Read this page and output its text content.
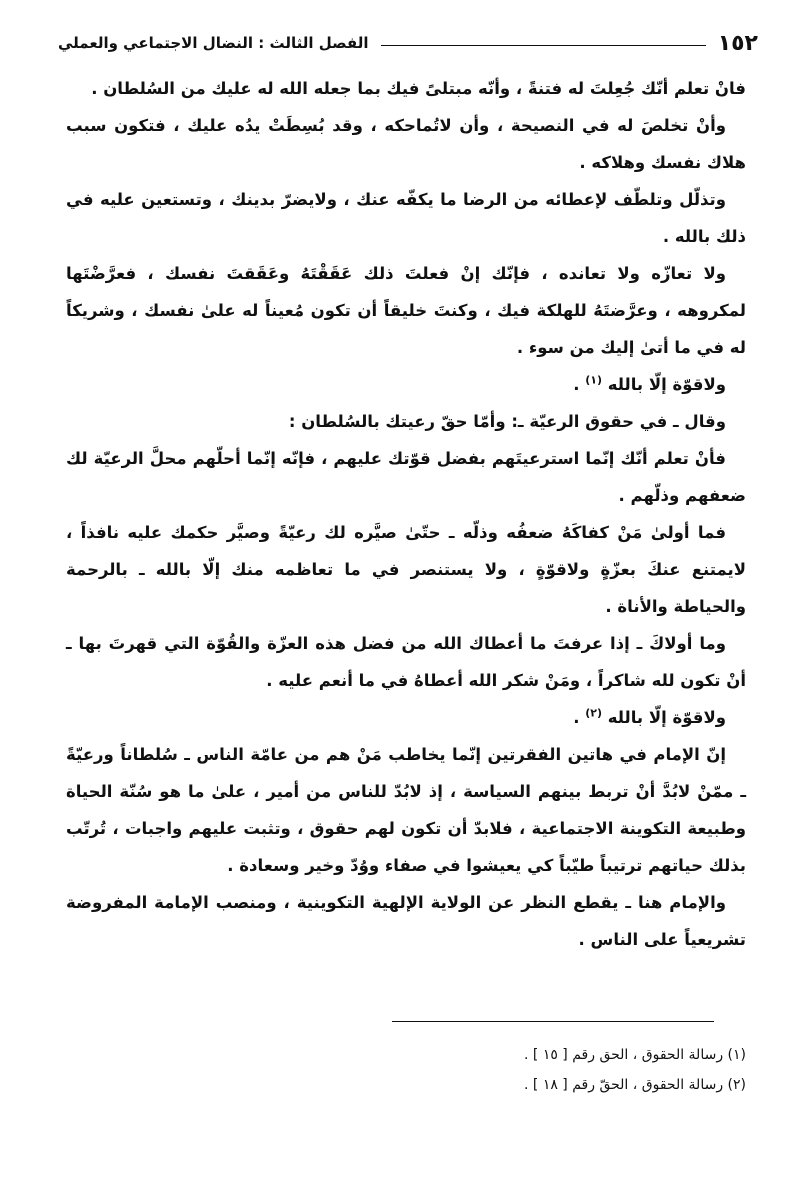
١٥٢
الفصل الثالث : النضال الاجتماعي والعملي

فانْ تعلم أنّك جُعِلتَ له فتنةً ، وأنّه مبتلىً فيك بما جعله الله له عليك من السُلطان .

وأنْ تخلصَ له في النصيحة ، وأن لاتُماحكه ، وقد بُسِطَتْ يدُه عليك ، فتكون سبب هلاك نفسك وهلاكه .

وتذلّل وتلطّف لإعطائه من الرضا ما يكفّه عنك ، ولايضرّ بدينك ، وتستعين عليه في ذلك بالله .

ولا تعازّه ولا تعانده ، فإنّك إنْ فعلتَ ذلك عَقَقْتَهُ وعَقَقتَ نفسك ، فعرَّضْتَها لمكروهه ، وعرَّضتَهُ للهلكة فيك ، وكنتَ خليقاً أن تكون مُعيناً له علىٰ نفسك ، وشريكاً له في ما أتىٰ إليك من سوء .

ولاقوّة إلّا بالله $^{(١)}$ .

وقال ـ في حقوق الرعيّة ـ: وأمّا حقّ رعيتك بالسُلطان :

فأنْ تعلم أنّك إنّما استرعيتَهم بفضل قوّتك عليهم ، فإنّه إنّما أحلّهم محلَّ الرعيّة لك ضعفهم وذلّهم .

فما أولىٰ مَنْ كفاكَهُ ضعفُه وذلّه ـ حتّىٰ صيَّره لك رعيّةً وصيَّر حكمك عليه نافذاً ، لايمتنع عنكَ بعزّةٍ ولاقوّةٍ ، ولا يستنصر في ما تعاظمه منك إلّا بالله ـ بالرحمة والحياطة والأناة .

وما أولاكَ ـ إذا عرفتَ ما أعطاك الله من فضل هذه العزّة والقُوّة التي قهرتَ بها ـ أنْ تكون لله شاكراً ، ومَنْ شكر الله أعطاهُ في ما أنعم عليه .

ولاقوّة إلّا بالله $^{(٢)}$ .

إنّ الإمام في هاتين الفقرتين إنّما يخاطب مَنْ هم من عامّة الناس ـ سُلطاناً ورعيّةً ـ ممّنْ لابُدَّ أنْ تربط بينهم السياسة ، إذ لابُدّ للناس من أمير ، علىٰ ما هو سُنّة الحياة وطبيعة التكوينة الاجتماعية ، فلابدّ أن تكون لهم حقوق ، وتثبت عليهم واجبات ، تُرتّب بذلك حياتهم ترتيباً طيّباً كي يعيشوا في صفاء ووُدّ وخير وسعادة .

والإمام هنا ـ يقطع النظر عن الولاية الإلهية التكوينية ، ومنصب الإمامة المفروضة تشريعياً على الناس .

(١) رسالة الحقوق ، الحق رقم [ ١٥ ] .

(٢) رسالة الحقوق ، الحقّ رقم [ ١٨ ] .
